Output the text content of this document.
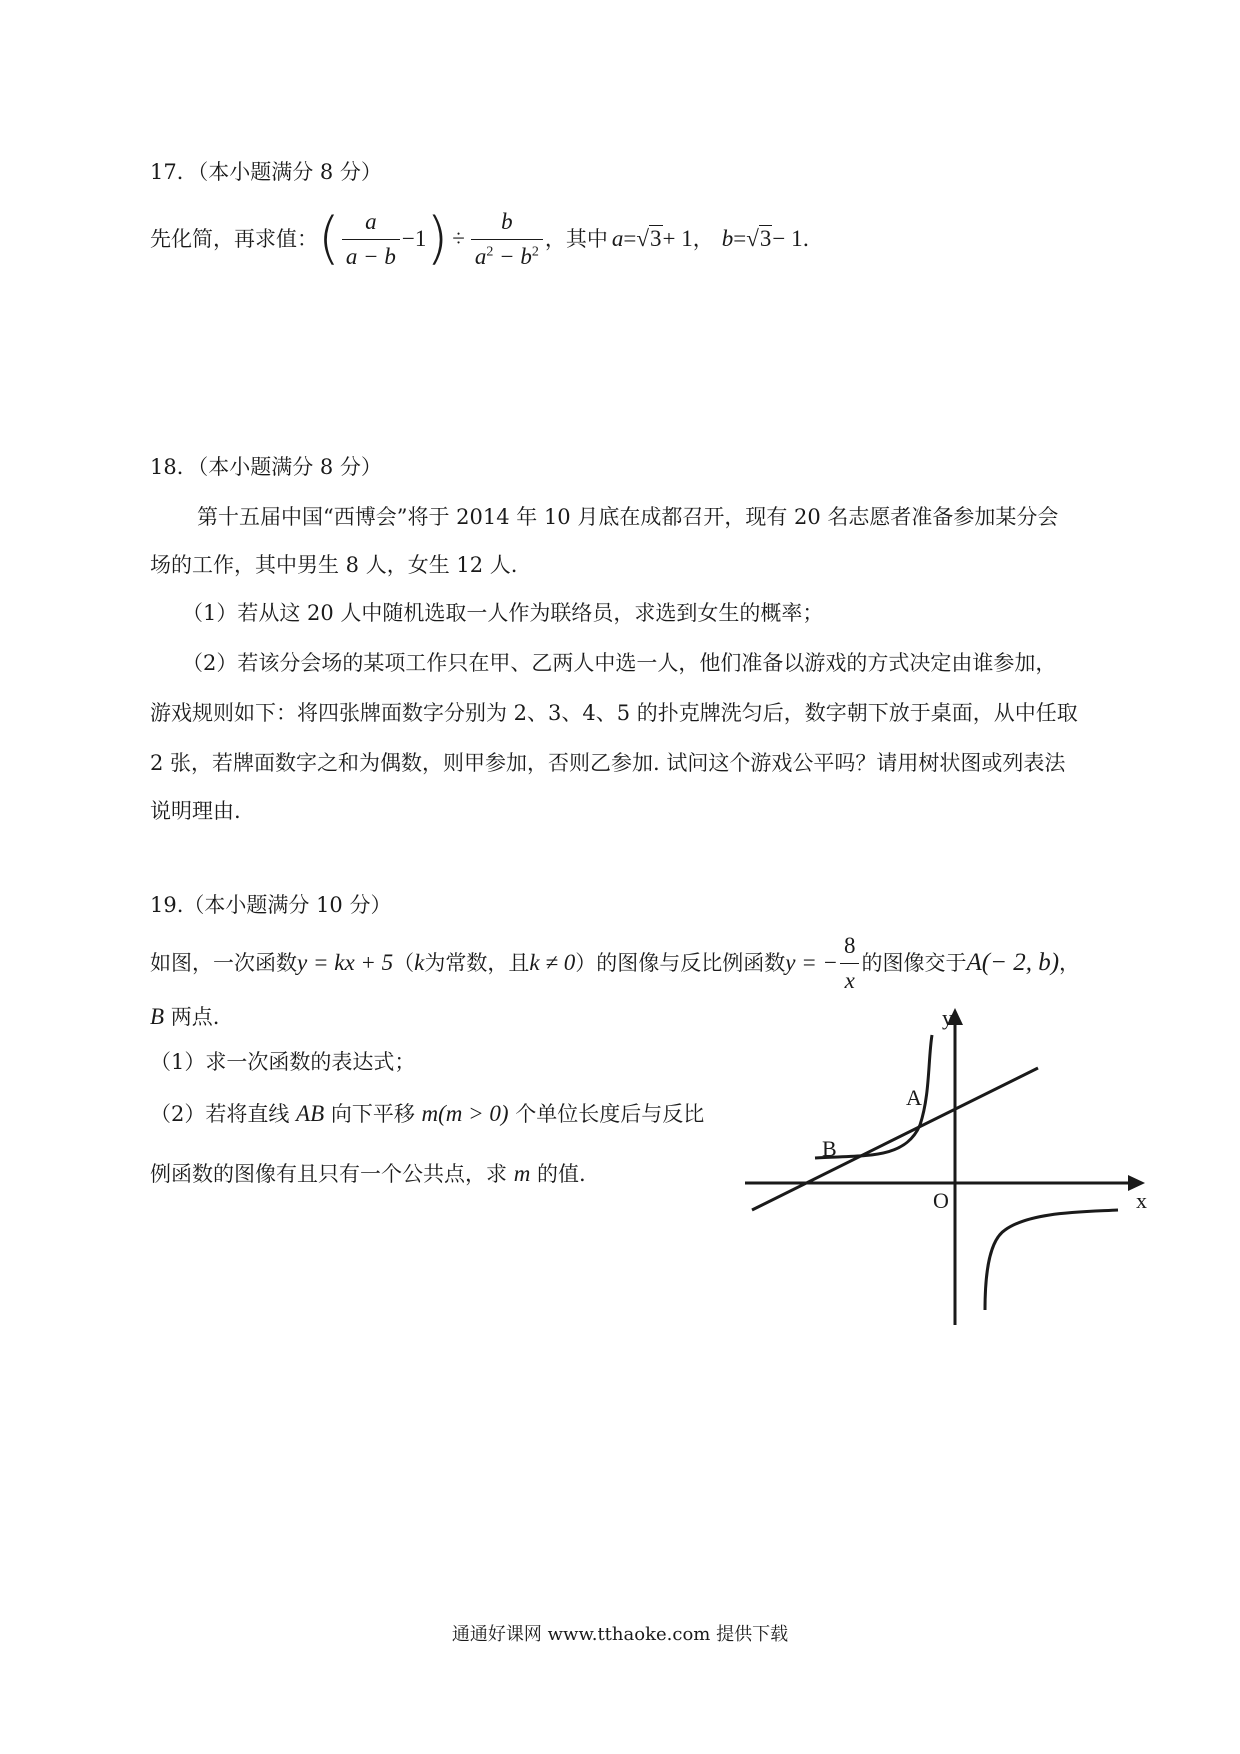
17．（本小题满分 8 分）
先化简，再求值： ( $\frac{a}{a - b} -1$ ) ÷ $\frac{b}{a^2 - b^2}$ ，其中 a = √3 + 1 ， b = √3 − 1 ．
18．（本小题满分 8 分）
第十五届中国“西博会”将于 2014 年 10 月底在成都召开，现有 20 名志愿者准备参加某分会
场的工作，其中男生 8 人，女生 12 人.
（1）若从这 20 人中随机选取一人作为联络员，求选到女生的概率；
（2）若该分会场的某项工作只在甲、乙两人中选一人，他们准备以游戏的方式决定由谁参加，
游戏规则如下：将四张牌面数字分别为 2、3、4、5 的扑克牌洗匀后，数字朝下放于桌面，从中任取
2 张，若牌面数字之和为偶数，则甲参加，否则乙参加. 试问这个游戏公平吗？请用树状图或列表法
说明理由.
19.（本小题满分 10 分）
如图，一次函数 y = kx + 5 （ k 为常数，且 k ≠ 0 ）的图像与反比例函数 y = − $\frac{8}{x}$ 的图像交于 A(− 2, b) ，
B 两点.
（1）求一次函数的表达式；
（2）若将直线 AB 向下平移 m(m > 0) 个单位长度后与反比
例函数的图像有且只有一个公共点，求 m 的值.
y
x
O
A
B
通通好课网 www.tthaoke.com 提供下载
